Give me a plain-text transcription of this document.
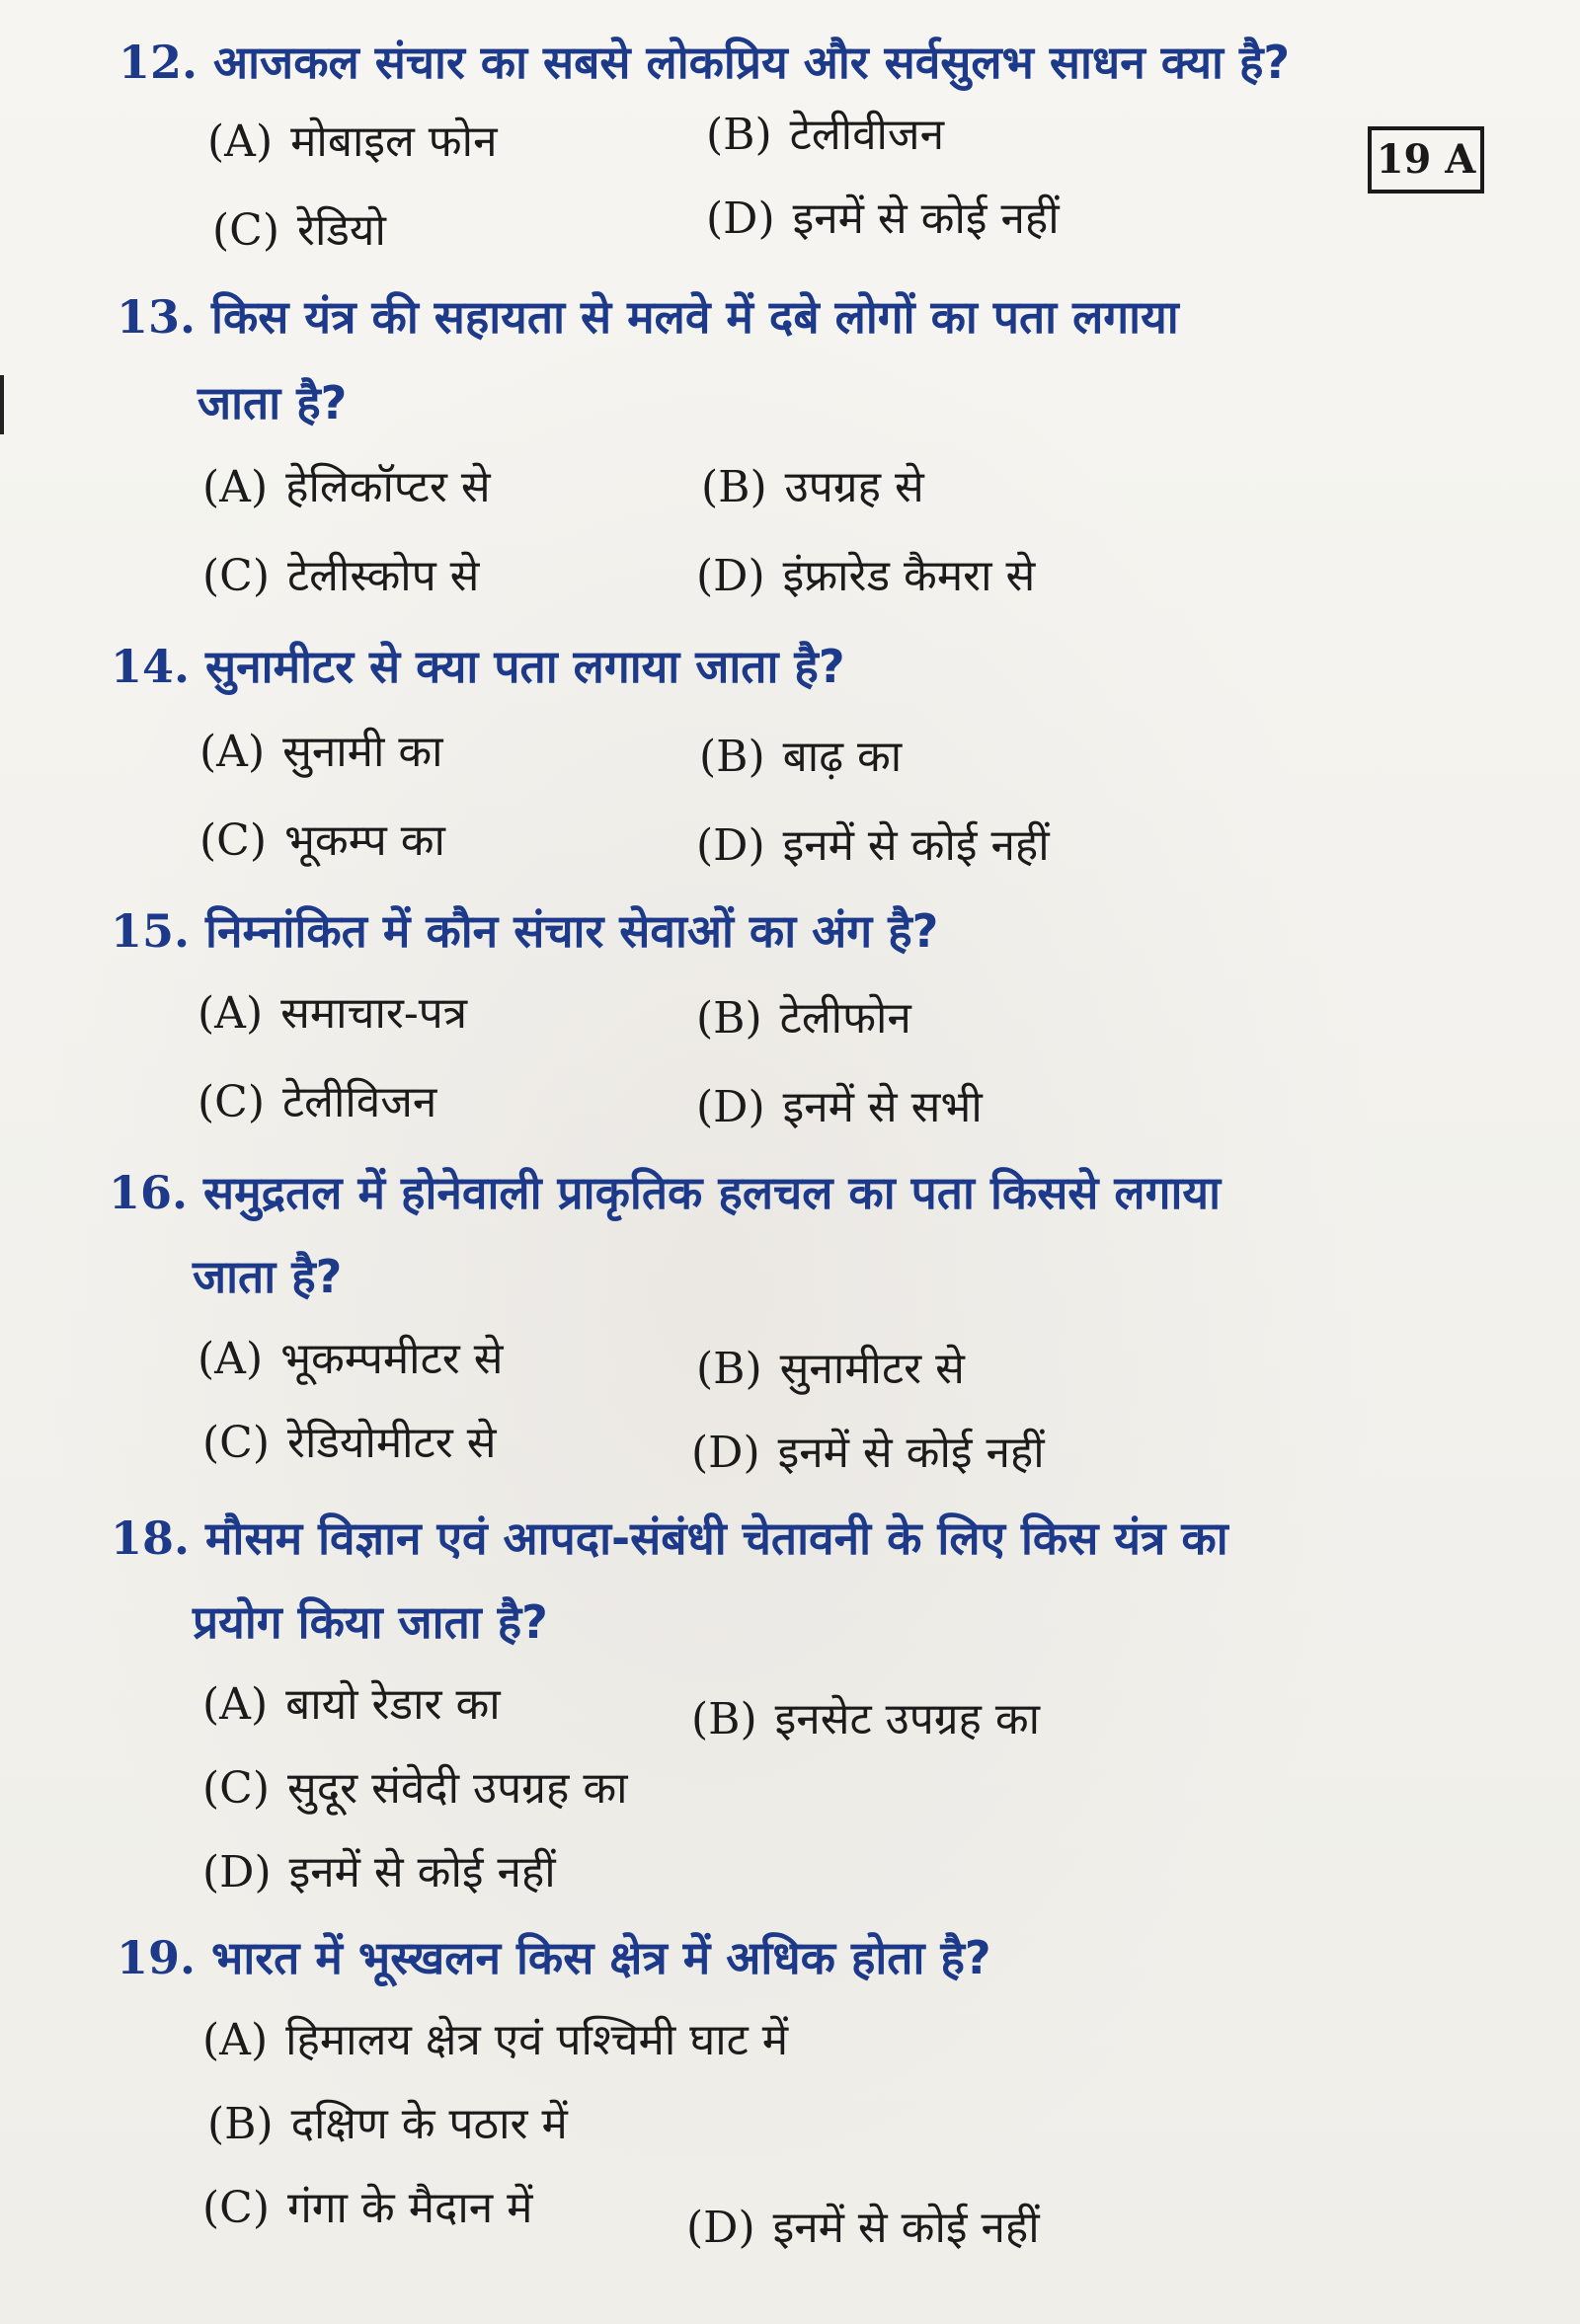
19 A
12. आजकल संचार का सबसे लोकप्रिय और सर्वसुलभ साधन क्या है?
(A) मोबाइल फोन	(B) टेलीवीजन
(C) रेडियो	(D) इनमें से कोई नहीं
13. किस यंत्र की सहायता से मलवे में दबे लोगों का पता लगाया
जाता है?
(A) हेलिकॉप्टर से	(B) उपग्रह से
(C) टेलीस्कोप से	(D) इंफ्रारेड कैमरा से
14. सुनामीटर से क्या पता लगाया जाता है?
(A) सुनामी का	(B) बाढ़ का
(C) भूकम्प का	(D) इनमें से कोई नहीं
15. निम्नांकित में कौन संचार सेवाओं का अंग है?
(A) समाचार-पत्र	(B) टेलीफोन
(C) टेलीविजन	(D) इनमें से सभी
16. समुद्रतल में होनेवाली प्राकृतिक हलचल का पता किससे लगाया
जाता है?
(A) भूकम्पमीटर से	(B) सुनामीटर से
(C) रेडियोमीटर से	(D) इनमें से कोई नहीं
18. मौसम विज्ञान एवं आपदा-संबंधी चेतावनी के लिए किस यंत्र का
प्रयोग किया जाता है?
(A) बायो रेडार का	(B) इनसेट उपग्रह का
(C) सुदूर संवेदी उपग्रह का
(D) इनमें से कोई नहीं
19. भारत में भूस्खलन किस क्षेत्र में अधिक होता है?
(A) हिमालय क्षेत्र एवं पश्चिमी घाट में
(B) दक्षिण के पठार में
(C) गंगा के मैदान में	(D) इनमें से कोई नहीं
